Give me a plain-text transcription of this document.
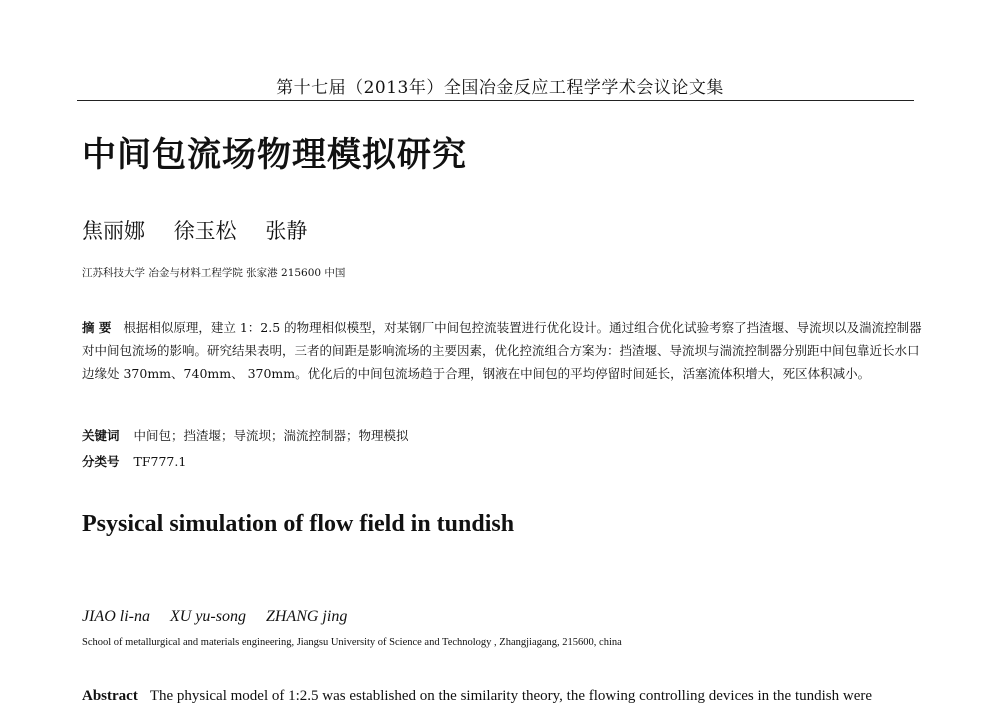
第十七届（2013年）全国冶金反应工程学学术会议论文集
中间包流场物理模拟研究
焦丽娜 徐玉松 张静
江苏科技大学 冶金与材料工程学院 张家港 215600 中国
摘 要 根据相似原理，建立 1：2.5 的物理相似模型，对某钢厂中间包控流装置进行优化设计。通过组合优化试验考察了挡渣堰、导流坝以及湍流控制器对中间包流场的影响。研究结果表明，三者的间距是影响流场的主要因素，优化控流组合方案为：挡渣堰、导流坝与湍流控制器分别距中间包靠近长水口边缘处 370mm、740mm、 370mm。优化后的中间包流场趋于合理，钢液在中间包的平均停留时间延长，活塞流体积增大，死区体积减小。
关键词 中间包；挡渣堰；导流坝；湍流控制器；物理模拟
分类号 TF777.1
Psysical simulation of flow field in tundish
JIAO li-na XU yu-song ZHANG jing
School of metallurgical and materials engineering, Jiangsu University of Science and Technology , Zhangjiagang, 215600, china
Abstract The physical model of 1:2.5 was established on the similarity theory, the flowing controlling devices in the tundish were
